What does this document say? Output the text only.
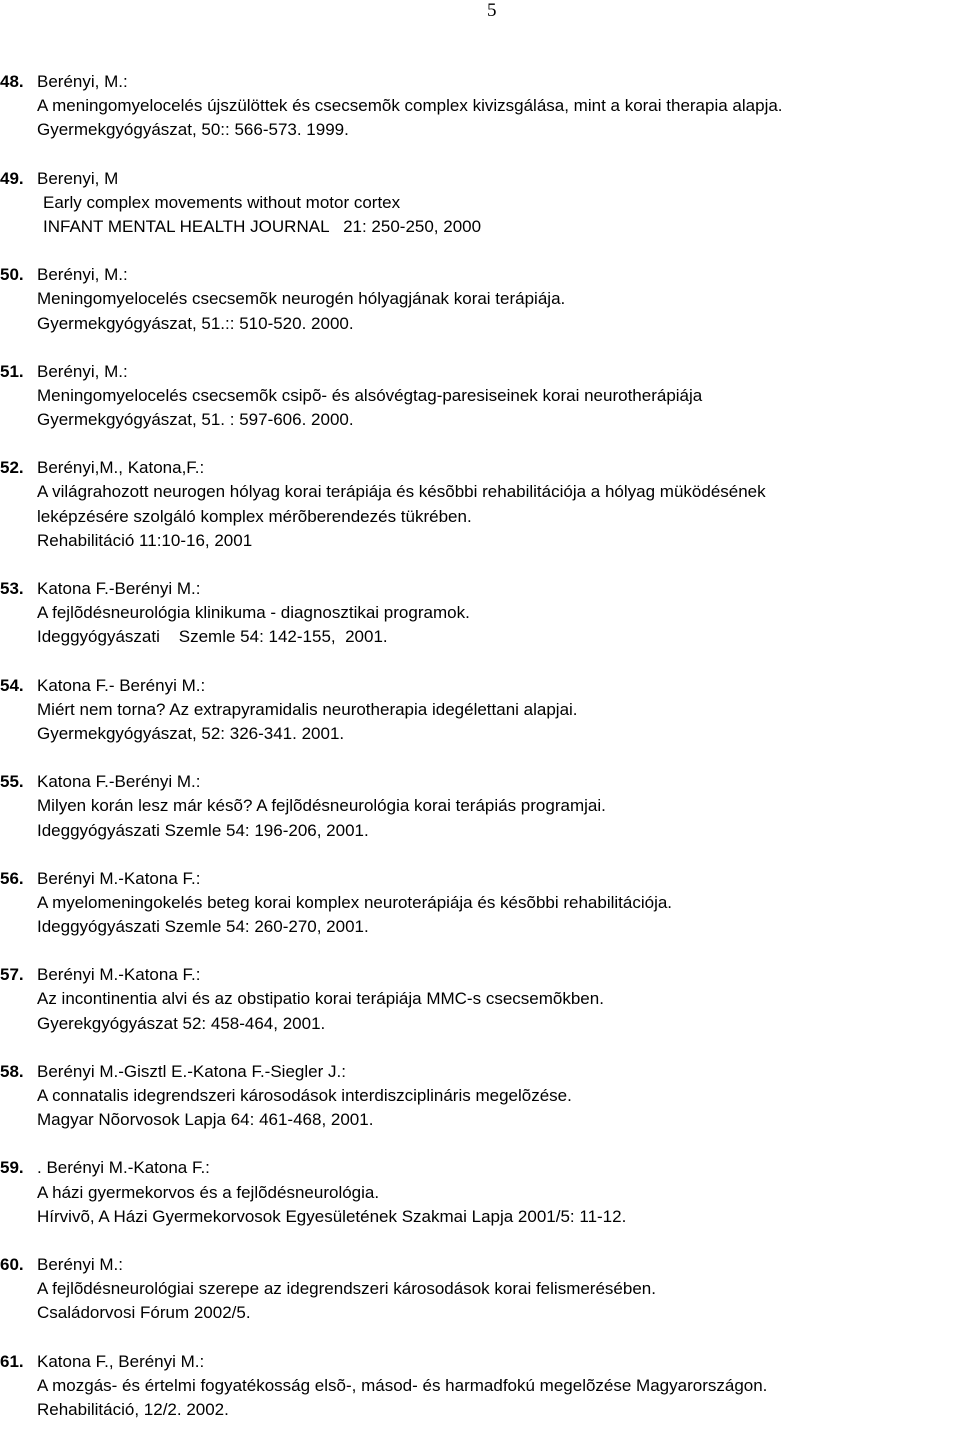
5
48. Berényi, M.:
A meningomyelocelés újszülöttek és csecsemõk complex kivizsgálása, mint a korai therapia alapja.
Gyermekgyógyászat, 50:: 566-573. 1999.
49. Berenyi, M
Early complex movements without motor cortex
INFANT MENTAL HEALTH JOURNAL   21: 250-250, 2000
50. Berényi, M.:
Meningomyelocelés csecsemõk neurogén hólyagjának korai terápiája.
Gyermekgyógyászat, 51.:: 510-520. 2000.
51. Berényi, M.:
Meningomyelocelés csecsemõk csipõ- és alsóvégtag-paresiseinek korai neurotherápiája
Gyermekgyógyászat, 51. : 597-606. 2000.
52. Berényi,M., Katona,F.:
A világrahozott neurogen hólyag korai terápiája és késõbbi rehabilitációja a hólyag müködésének
leképzésére szolgáló komplex mérõberendezés tükrében.
Rehabilitáció 11:10-16, 2001
53. Katona F.-Berényi M.:
A fejlõdésneurológia klinikuma - diagnosztikai programok.
Ideggyógyászati    Szemle 54: 142-155,  2001.
54. Katona F.- Berényi M.:
Miért nem torna? Az extrapyramidalis neurotherapia idegélettani alapjai.
Gyermekgyógyászat, 52: 326-341. 2001.
55. Katona F.-Berényi M.:
Milyen korán lesz már késõ? A fejlõdésneurológia korai terápiás programjai.
Ideggyógyászati Szemle 54: 196-206, 2001.
56. Berényi M.-Katona F.:
A myelomeningokelés beteg korai komplex neuroterápiája és késõbbi rehabilitációja.
Ideggyógyászati Szemle 54: 260-270, 2001.
57. Berényi M.-Katona F.:
Az incontinentia alvi és az obstipatio korai terápiája MMC-s csecsemõkben.
Gyerekgyógyászat 52: 458-464, 2001.
58. Berényi M.-Gisztl E.-Katona F.-Siegler J.:
A connatalis idegrendszeri károsodások interdiszciplináris megelõzése.
Magyar Nõorvosok Lapja 64: 461-468, 2001.
59. . Berényi M.-Katona F.:
A házi gyermekorvos és a fejlõdésneurológia.
Hírvivõ, A Házi Gyermekorvosok Egyesületének Szakmai Lapja 2001/5: 11-12.
60. Berényi M.:
A fejlõdésneurológiai szerepe az idegrendszeri károsodások korai felismerésében.
Családorvosi Fórum 2002/5.
61. Katona F., Berényi M.:
A mozgás- és értelmi fogyatékosság elsõ-, másod- és harmadfokú megelõzése Magyarországon.
Rehabilitáció, 12/2. 2002.
